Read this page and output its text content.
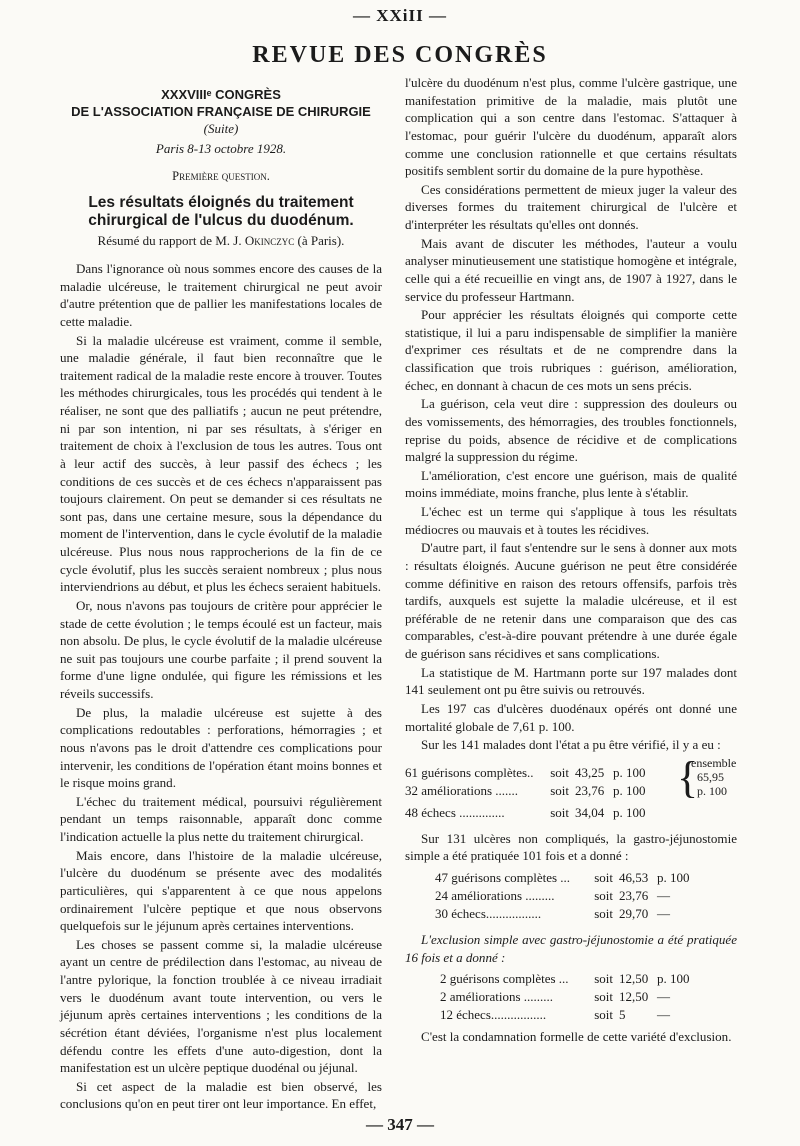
— XXiII —
REVUE DES CONGRÈS
XXXVIIIᵉ CONGRÈS
DE L'ASSOCIATION FRANÇAISE DE CHIRURGIE
(Suite)
Paris 8-13 octobre 1928.
Première question.
Les résultats éloignés du traitement
chirurgical de l'ulcus du duodénum.
Résumé du rapport de M. J. Okinczyc (à Paris).

Dans l'ignorance où nous sommes encore des causes de la maladie ulcéreuse, le traitement chirurgical ne peut avoir d'autre prétention que de pallier les manifestations locales de cette maladie.

Si la maladie ulcéreuse est vraiment, comme il semble, une maladie générale, il faut bien reconnaître que le traitement radical de la maladie reste encore à trouver. Toutes les méthodes chirurgicales, tous les procédés qui tendent à le réaliser, ne sont que des palliatifs ; aucun ne peut prétendre, ni par son intention, ni par ses résultats, à s'ériger en traitement de choix à l'exclusion de tous les autres. Tous ont à leur actif des succès, à leur passif des échecs ; les conditions de ces succès et de ces échecs n'apparaissent pas toujours clairement. On peut se demander si ces résultats ne sont pas, dans une certaine mesure, sous la dépendance du moment de l'intervention, dans le cycle évolutif de la maladie ulcéreuse. Plus nous nous rapprocherions de la fin de ce cycle évolutif, plus les succès seraient nombreux ; plus nous interviendrions au début, et plus les échecs seraient habituels.

Or, nous n'avons pas toujours de critère pour apprécier le stade de cette évolution ; le temps écoulé est un facteur, mais non absolu. De plus, le cycle évolutif de la maladie ulcéreuse ne suit pas toujours une courbe parfaite ; il prend souvent la forme d'une ligne ondulée, qui figure les rémissions et les réveils successifs.

De plus, la maladie ulcéreuse est sujette à des complications redoutables : perforations, hémorragies ; et nous n'avons pas le droit d'attendre ces complications pour intervenir, les conditions de l'opération étant moins bonnes et le risque moins grand.

L'échec du traitement médical, poursuivi régulièrement pendant un temps raisonnable, apparaît donc comme l'indication actuelle la plus nette du traitement chirurgical.

Mais encore, dans l'histoire de la maladie ulcéreuse, l'ulcère du duodénum se présente avec des modalités particulières, qui s'apparentent à ce que nous appelons ordinairement l'ulcère peptique et que nous observons quelquefois sur le jéjunum après certaines interventions.

Les choses se passent comme si, la maladie ulcéreuse ayant un centre de prédilection dans l'estomac, au niveau de l'antre pylorique, la fonction troublée à ce niveau irradiait vers le duodénum avant toute intervention, ou vers le jéjunum après certaines interventions ; les conditions de la sécrétion étant déviées, l'organisme n'est plus localement défendu contre les effets d'une auto-digestion, dont la manifestation est un ulcère peptique duodénal ou jéjunal.

Si cet aspect de la maladie est bien observé, les conclusions qu'on en peut tirer ont leur importance. En effet,

l'ulcère du duodénum n'est plus, comme l'ulcère gastrique, une manifestation primitive de la maladie, mais plutôt une complication qui a son centre dans l'estomac. S'attaquer à l'estomac, pour guérir l'ulcère du duodénum, apparaît alors comme une conclusion rationnelle et que certains résultats positifs semblent sortir du domaine de la pure hypothèse.

Ces considérations permettent de mieux juger la valeur des diverses formes du traitement chirurgical de l'ulcère et d'interpréter les résultats qu'elles ont donnés.

Mais avant de discuter les méthodes, l'auteur a voulu analyser minutieusement une statistique homogène et intégrale, celle qui a été recueillie en vingt ans, de 1907 à 1927, dans le service du professeur Hartmann.

Pour apprécier les résultats éloignés qui comporte cette statistique, il lui a paru indispensable de simplifier la manière d'exprimer ces résultats et de ne comprendre dans la classification que trois rubriques : guérison, amélioration, échec, en donnant à chacun de ces mots un sens précis.

La guérison, cela veut dire : suppression des douleurs ou des vomissements, des hémorragies, des troubles fonctionnels, reprise du poids, absence de récidive et de complications malgré la suppression du régime.

L'amélioration, c'est encore une guérison, mais de qualité moins immédiate, moins franche, plus lente à s'établir.

L'échec est un terme qui s'applique à tous les résultats médiocres ou mauvais et à toutes les récidives.

D'autre part, il faut s'entendre sur le sens à donner aux mots : résultats éloignés. Aucune guérison ne peut être considérée comme définitive en raison des retours offensifs, parfois très tardifs, auxquels est sujette la maladie ulcéreuse, et il est préférable de ne retenir dans une comparaison que des cas comparables, c'est-à-dire pouvant prétendre à une durée égale de guérison sans récidives et sans complications.

La statistique de M. Hartmann porte sur 197 malades dont 141 seulement ont pu être suivis ou retrouvés.

Les 197 cas d'ulcères duodénaux opérés ont donné une mortalité globale de 7,61 p. 100.

Sur les 141 malades dont l'état a pu être vérifié, il y a eu :

61 guérisons complètes.. soit 43,25 p. 100
32 améliorations ....... soit 23,76 p. 100 {
ensemble
65,95
p. 100
48 échecs ..............	soit 34,04 p. 100

Sur 131 ulcères non compliqués, la gastro-jéjunostomie simple a été pratiquée 101 fois et a donné :

47 guérisons complètes ... soit 46,53 p. 100
24 améliorations .........	soit 23,76 —
30 échecs.................	soit 29,70 —

L'exclusion simple avec gastro-jéjunostomie a été pratiquée 16 fois et a donné :

2 guérisons complètes ... soit 12,50 p. 100
2 améliorations .........	soit 12,50 —
12 échecs.................	soit 5	—

C'est la condamnation formelle de cette variété d'exclusion.

— 347 —
